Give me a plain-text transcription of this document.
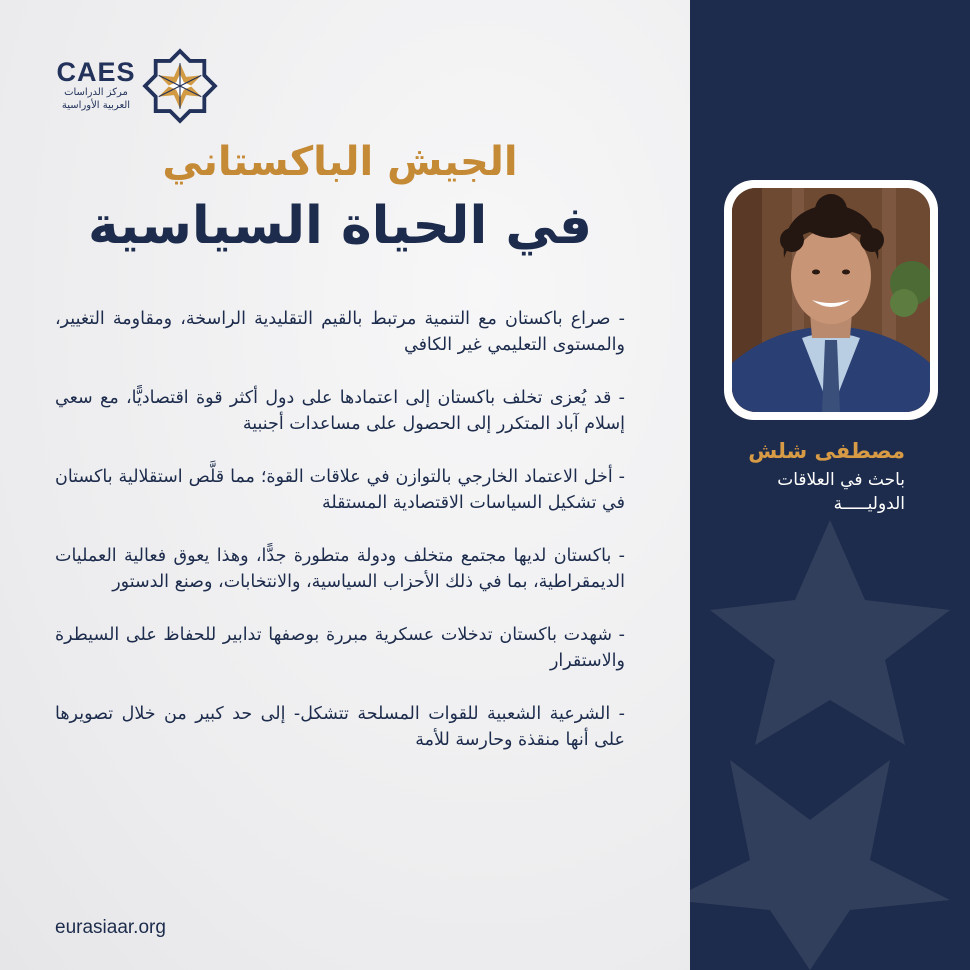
CAES
مركز الدراسات
العربية الأوراسية
الجيش الباكستاني
في الحياة السياسية
- صراع باكستان مع التنمية مرتبط بالقيم التقليدية الراسخة، ومقاومة التغيير، والمستوى التعليمي غير الكافي
- قد يُعزى تخلف باكستان إلى اعتمادها على دول أكثر قوة اقتصاديًّا، مع سعي إسلام آباد المتكرر إلى الحصول على مساعدات أجنبية
- أخل الاعتماد الخارجي بالتوازن في علاقات القوة؛ مما قلَّص استقلالية باكستان في تشكيل السياسات الاقتصادية المستقلة
- باكستان لديها مجتمع متخلف ودولة متطورة جدًّا، وهذا يعوق فعالية العمليات الديمقراطية، بما في ذلك الأحزاب السياسية، والانتخابات، وصنع الدستور
- شهدت باكستان تدخلات عسكرية مبررة بوصفها تدابير للحفاظ على السيطرة والاستقرار
- الشرعية الشعبية للقوات المسلحة تتشكل- إلى حد كبير من خلال تصويرها على أنها منقذة وحارسة للأمة
eurasiaar.org
مصطفى شلش
باحث في العلاقات
الدوليـــــة
